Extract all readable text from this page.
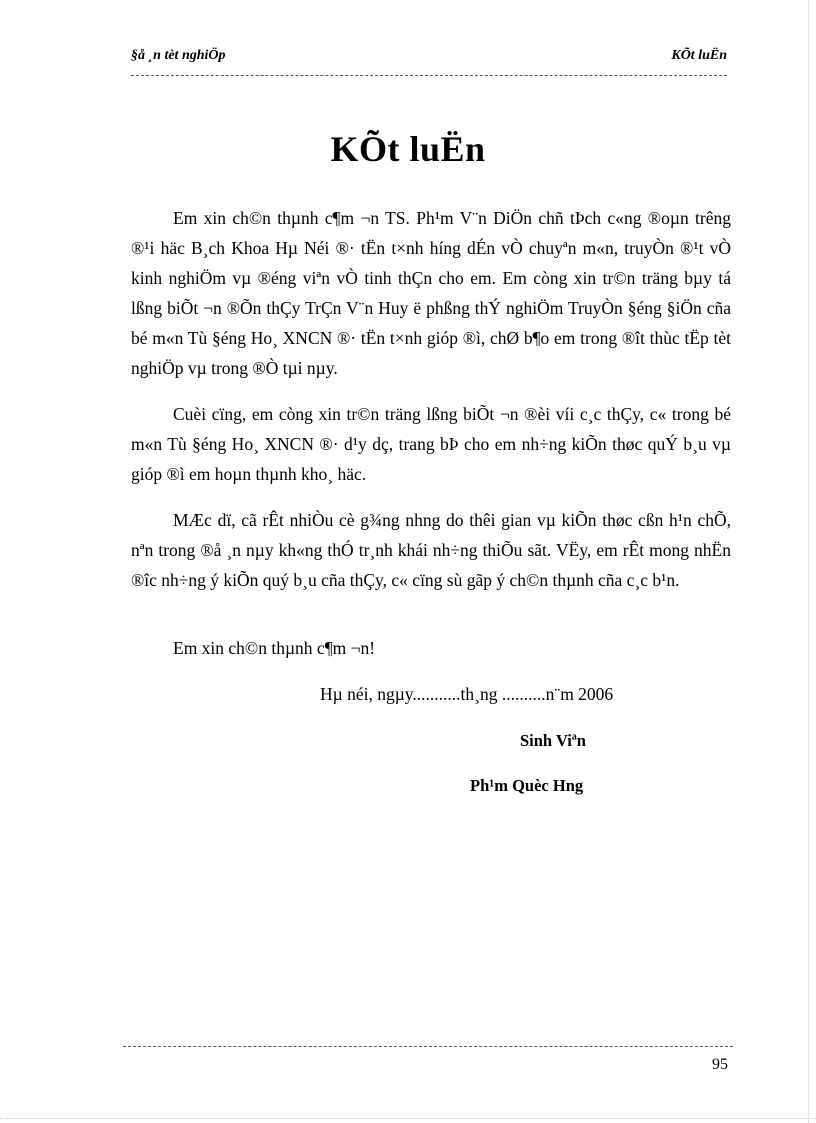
§å ¸n tèt nghiÖp	KÕt luËn
KÕt luËn

Em xin ch©n thµnh c¶m ¬n TS. Ph¹m V¨n DiÖn chñ tÞch c«ng ®oµn trêng ®¹i häc B¸ch Khoa Hµ Néi ®· tËn t×nh híng dÉn vÒ chuyªn m«n, truyÒn ®¹t vÒ kinh nghiÖm vµ ®éng viªn vÒ tinh thÇn cho em. Em còng xin tr©n träng bµy tá lßng biÕt ¬n ®Õn thÇy TrÇn V¨n Huy ë phßng thÝ nghiÖm TruyÒn §éng §iÖn cña bé m«n Tù §éng Ho¸ XNCN ®· tËn t×nh gióp ®ì, chØ b¶o em trong ®ît thùc tËp tèt nghiÖp vµ trong ®Ò tµi nµy.

Cuèi cïng, em còng xin tr©n träng lßng biÕt ¬n ®èi víi c¸c thÇy, c« trong bé m«n Tù §éng Ho¸ XNCN ®· d¹y dç, trang bÞ cho em nh÷ng kiÕn thøc quÝ b¸u vµ gióp ®ì em hoµn thµnh kho¸ häc.

MÆc dï, cã rÊt nhiÒu cè g¾ng nhng do thêi gian vµ kiÕn thøc cßn h¹n chÕ, nªn trong ®å ¸n nµy kh«ng thÓ tr¸nh khái nh÷ng thiÕu sãt. VËy, em rÊt mong nhËn ®îc nh÷ng ý kiÕn quý b¸u cña thÇy, c« cïng sù gãp ý ch©n thµnh cña c¸c b¹n.

Em xin ch©n thµnh c¶m ¬n!

Hµ néi, ngµy...........th¸ng ..........n¨m 2006
Sinh Viªn
Ph¹m Quèc Hng
95
